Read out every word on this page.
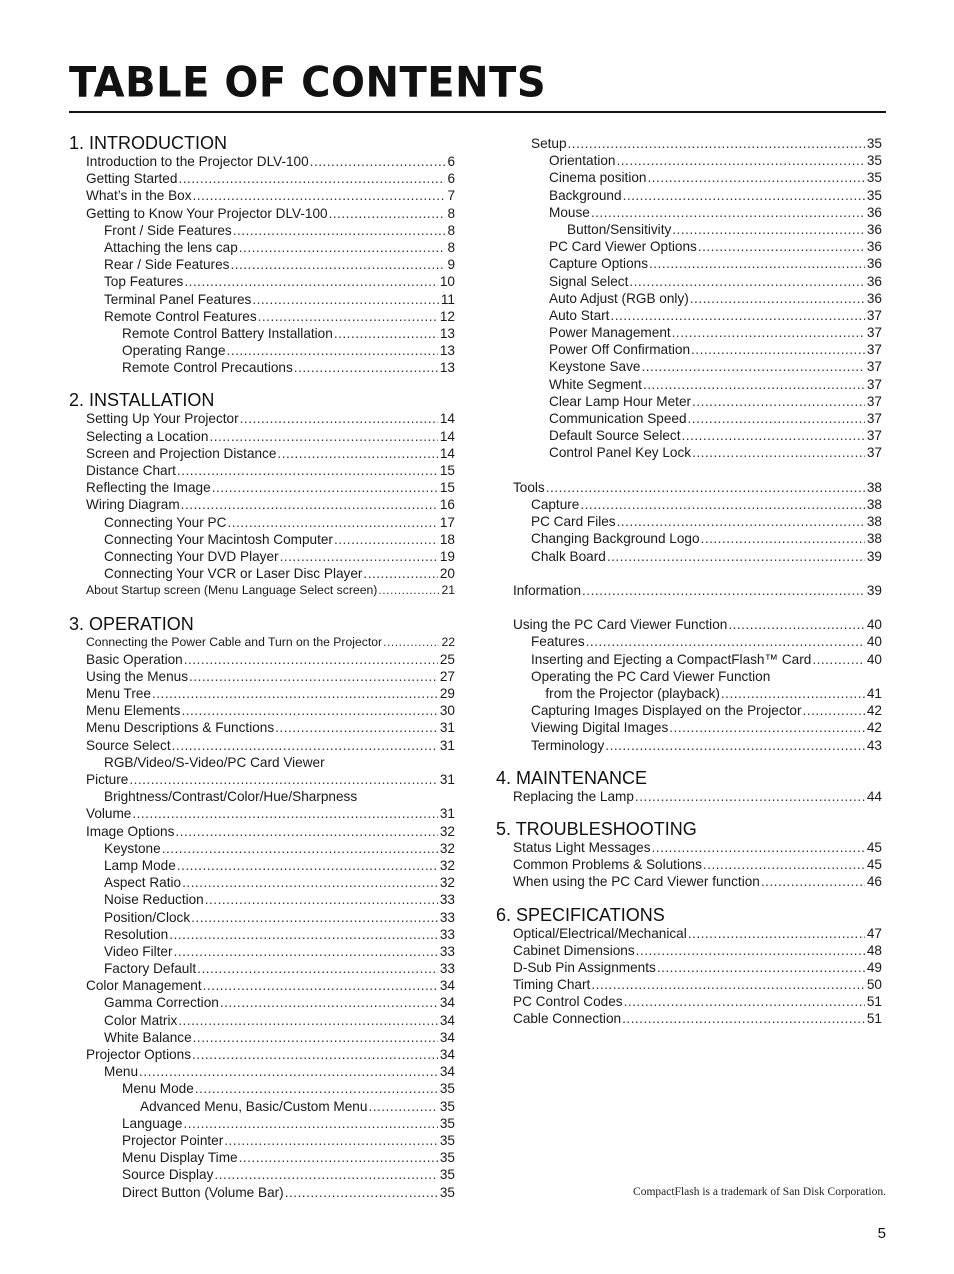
TABLE OF CONTENTS
1. INTRODUCTION
Introduction to the Projector DLV-100 .....	6
Getting Started .....	6
What’s in the Box .....	7
Getting to Know Your Projector DLV-100 .....	8
Front / Side Features .....	8
Attaching the lens cap .....	8
Rear / Side Features .....	9
Top Features .....	10
Terminal Panel Features .....	11
Remote Control Features .....	12
Remote Control Battery Installation .....	13
Operating Range .....	13
Remote Control Precautions .....	13
2. INSTALLATION
Setting Up Your Projector .....	14
Selecting a Location .....	14
Screen and Projection Distance .....	14
Distance Chart .....	15
Reflecting the Image .....	15
Wiring Diagram .....	16
Connecting Your PC .....	17
Connecting Your Macintosh Computer .....	18
Connecting Your DVD Player .....	19
Connecting Your VCR or Laser Disc Player .....	20
About Startup screen (Menu Language Select screen) .....	21
3. OPERATION
Connecting the Power Cable and Turn on the Projector .....	22
Basic Operation .....	25
Using the Menus .....	27
Menu Tree .....	29
Menu Elements .....	30
Menu Descriptions & Functions .....	31
Source Select .....	31
RGB/Video/S-Video/PC Card Viewer
Picture .....	31
Brightness/Contrast/Color/Hue/Sharpness
Volume .....	31
Image Options .....	32
Keystone .....	32
Lamp Mode .....	32
Aspect Ratio .....	32
Noise Reduction .....	33
Position/Clock .....	33
Resolution .....	33
Video Filter .....	33
Factory Default .....	33
Color Management .....	34
Gamma Correction .....	34
Color Matrix .....	34
White Balance .....	34
Projector Options .....	34
Menu .....	34
Menu Mode .....	35
Advanced Menu, Basic/Custom Menu .....	35
Language .....	35
Projector Pointer .....	35
Menu Display Time .....	35
Source Display .....	35
Direct Button (Volume Bar) .....	35
Setup .....	35
Orientation .....	35
Cinema position .....	35
Background .....	35
Mouse .....	36
Button/Sensitivity .....	36
PC Card Viewer Options .....	36
Capture Options .....	36
Signal Select .....	36
Auto Adjust (RGB only) .....	36
Auto Start .....	37
Power Management .....	37
Power Off Confirmation .....	37
Keystone Save .....	37
White Segment .....	37
Clear Lamp Hour Meter .....	37
Communication Speed .....	37
Default Source Select .....	37
Control Panel Key Lock .....	37
Tools .....	38
Capture .....	38
PC Card Files .....	38
Changing Background Logo .....	38
Chalk Board .....	39
Information .....	39
Using the PC Card Viewer Function .....	40
Features .....	40
Inserting and Ejecting a CompactFlash™ Card .....	40
Operating the PC Card Viewer Function
from the Projector (playback) .....	41
Capturing Images Displayed on the Projector .....	42
Viewing Digital Images .....	42
Terminology .....	43
4. MAINTENANCE
Replacing the Lamp .....	44
5. TROUBLESHOOTING
Status Light Messages .....	45
Common Problems & Solutions .....	45
When using the PC Card Viewer function .....	46
6. SPECIFICATIONS
Optical/Electrical/Mechanical .....	47
Cabinet Dimensions .....	48
D-Sub Pin Assignments .....	49
Timing Chart .....	50
PC Control Codes .....	51
Cable Connection .....	51
CompactFlash is a trademark of San Disk Corporation.
5
